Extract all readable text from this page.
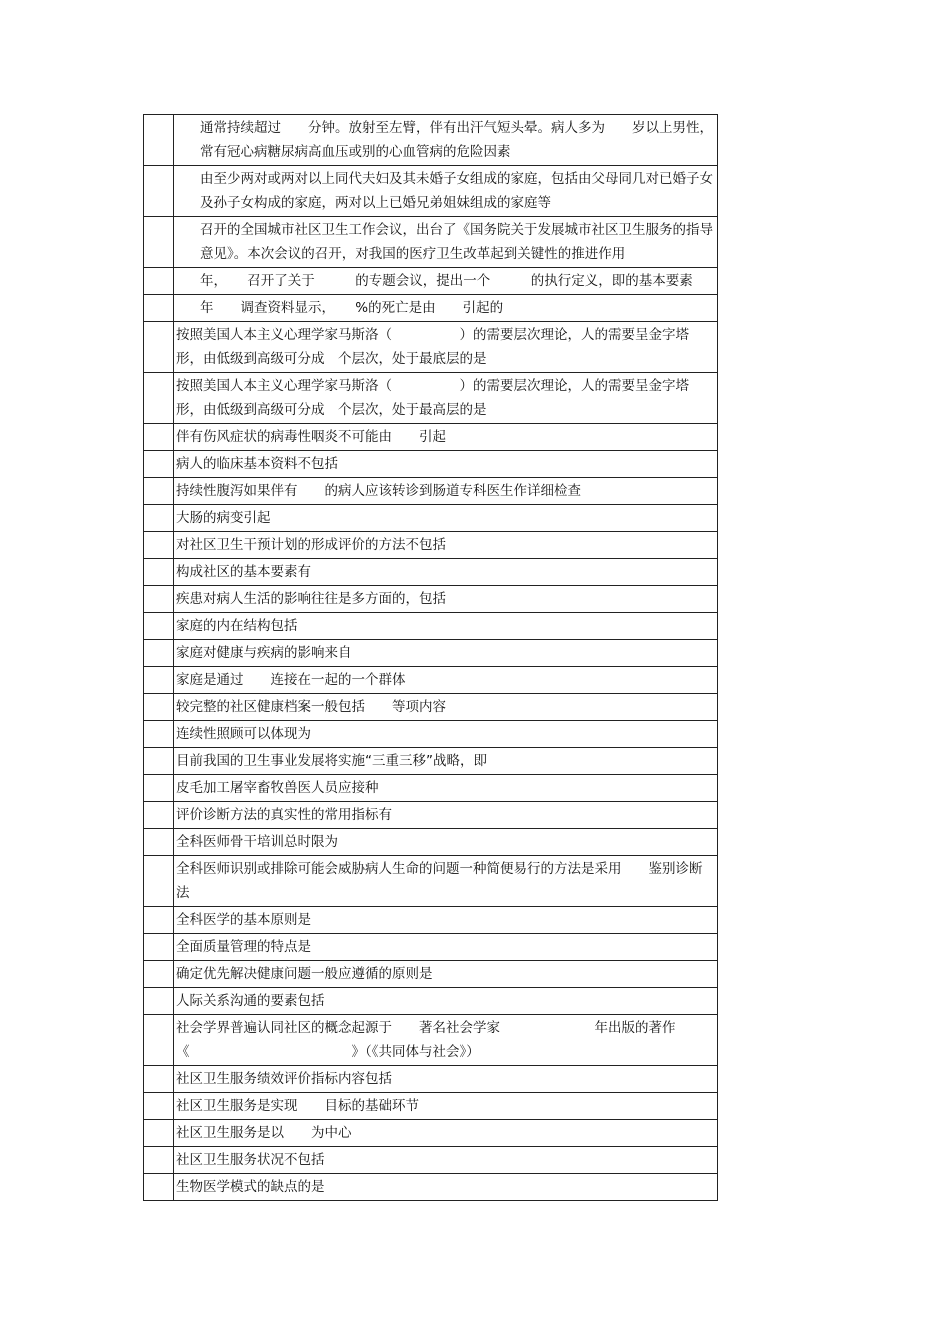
	通常持续超过　　分钟。放射至左臂，伴有出汗气短头晕。病人多为　　岁以上男性，常有冠心病糖尿病高血压或别的心血管病的危险因素
	由至少两对或两对以上同代夫妇及其未婚子女组成的家庭，包括由父母同几对已婚子女及孙子女构成的家庭，两对以上已婚兄弟姐妹组成的家庭等
	召开的全国城市社区卫生工作会议，出台了《国务院关于发展城市社区卫生服务的指导意见》。本次会议的召开，对我国的医疗卫生改革起到关键性的推进作用
	年，　　召开了关于　　　的专题会议，提出一个　　　的执行定义，即的基本要素
	年　　调查资料显示，　　%的死亡是由　　引起的
	按照美国人本主义心理学家马斯洛（　　　　　）的需要层次理论，人的需要呈金字塔形，由低级到高级可分成　个层次，处于最底层的是
	按照美国人本主义心理学家马斯洛（　　　　　）的需要层次理论，人的需要呈金字塔形，由低级到高级可分成　个层次，处于最高层的是
	伴有伤风症状的病毒性咽炎不可能由　　引起
	病人的临床基本资料不包括
	持续性腹泻如果伴有　　的病人应该转诊到肠道专科医生作详细检查
	大肠的病变引起
	对社区卫生干预计划的形成评价的方法不包括
	构成社区的基本要素有
	疾患对病人生活的影响往往是多方面的，包括
	家庭的内在结构包括
	家庭对健康与疾病的影响来自
	家庭是通过　　连接在一起的一个群体
	较完整的社区健康档案一般包括　　等项内容
	连续性照顾可以体现为
	目前我国的卫生事业发展将实施“三重三移”战略，即
	皮毛加工屠宰畜牧兽医人员应接种
	评价诊断方法的真实性的常用指标有
	全科医师骨干培训总时限为
	全科医师识别或排除可能会威胁病人生命的问题一种简便易行的方法是采用　　鉴别诊断法
	全科医学的基本原则是
	全面质量管理的特点是
	确定优先解决健康问题一般应遵循的原则是
	人际关系沟通的要素包括
	社会学界普遍认同社区的概念起源于　　著名社会学家　　　　　　　年出版的著作《　　　　　　　　　　　　》（《共同体与社会》）
	社区卫生服务绩效评价指标内容包括
	社区卫生服务是实现　　目标的基础环节
	社区卫生服务是以　　为中心
	社区卫生服务状况不包括
	生物医学模式的缺点的是
